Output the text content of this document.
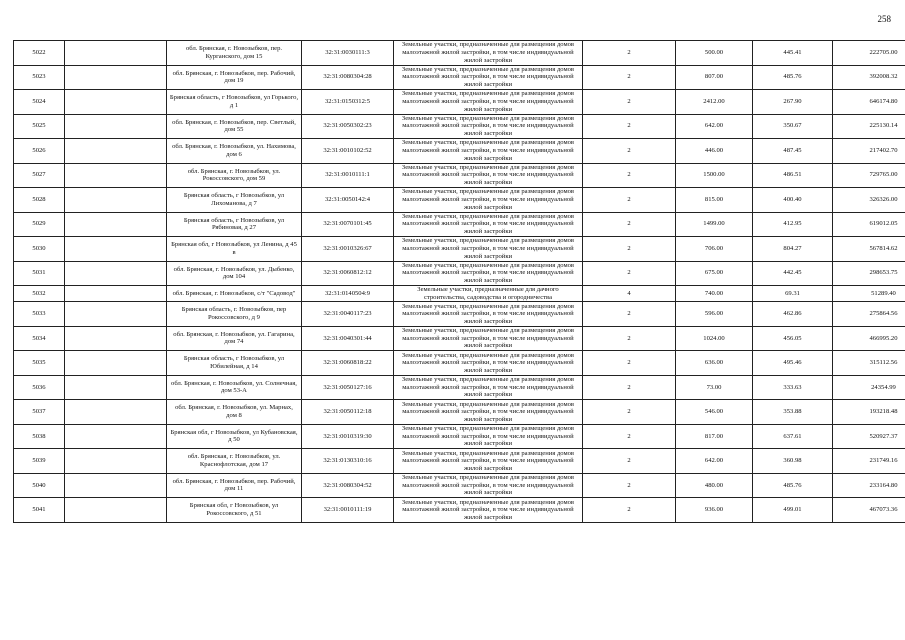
258
5022		обл. Брянская, г. Новозыбков, пер. Курганского, дом 15	32:31:0030111:3	Земельные участки, предназначенные для размещения домов малоэтажной жилой застройки, в том числе индивидуальной жилой застройки	2	500.00	445.41	222705.00
5023		обл. Брянская, г. Новозыбков, пер. Рабочий, дом 19	32:31:0080304:28	Земельные участки, предназначенные для размещения домов малоэтажной жилой застройки, в том числе индивидуальной жилой застройки	2	807.00	485.76	392008.32
5024		Брянская область, г Новозыбков, ул Горького, д 1	32:31:0150312:5	Земельные участки, предназначенные для размещения домов малоэтажной жилой застройки, в том числе индивидуальной жилой застройки	2	2412.00	267.90	646174.80
5025		обл. Брянская, г. Новозыбков, пер. Светлый, дом 55	32:31:0050302:23	Земельные участки, предназначенные для размещения домов малоэтажной жилой застройки, в том числе индивидуальной жилой застройки	2	642.00	350.67	225130.14
5026		обл. Брянская, г. Новозыбков, ул. Нахимова, дом 6	32:31:0010102:52	Земельные участки, предназначенные для размещения домов малоэтажной жилой застройки, в том числе индивидуальной жилой застройки	2	446.00	487.45	217402.70
5027		обл. Брянская, г. Новозыбков, ул. Рокоссовского, дом 59	32:31:0010111:1	Земельные участки, предназначенные для размещения домов малоэтажной жилой застройки, в том числе индивидуальной жилой застройки	2	1500.00	486.51	729765.00
5028		Брянская область, г Новозыбков, ул Лихоманова, д 7	32:31:0050142:4	Земельные участки, предназначенные для размещения домов малоэтажной жилой застройки, в том числе индивидуальной жилой застройки	2	815.00	400.40	326326.00
5029		Брянская область, г Новозыбков, ул Рябиновая, д 27	32:31:0070101:45	Земельные участки, предназначенные для размещения домов малоэтажной жилой застройки, в том числе индивидуальной жилой застройки	2	1499.00	412.95	619012.05
5030		Брянская обл, г Новозыбков, ул Ленина, д 45 в	32:31:0010326:67	Земельные участки, предназначенные для размещения домов малоэтажной жилой застройки, в том числе индивидуальной жилой застройки	2	706.00	804.27	567814.62
5031		обл. Брянская, г. Новозыбков, ул. Дыбенко, дом 104	32:31:0060812:12	Земельные участки, предназначенные для размещения домов малоэтажной жилой застройки, в том числе индивидуальной жилой застройки	2	675.00	442.45	298653.75
5032		обл. Брянская, г. Новозыбков, с/т "Садовод"	32:31:0140504:9	Земельные участки, предназначенные для дачного строительства, садоводства и огородничества	4	740.00	69.31	51289.40
5033		Брянская область, г. Новозыбков, пер Рокоссовского, д 9	32:31:0040117:23	Земельные участки, предназначенные для размещения домов малоэтажной жилой застройки, в том числе индивидуальной жилой застройки	2	596.00	462.86	275864.56
5034		обл. Брянская, г. Новозыбков, ул. Гагарина, дом 74	32:31:0040301:44	Земельные участки, предназначенные для размещения домов малоэтажной жилой застройки, в том числе индивидуальной жилой застройки	2	1024.00	456.05	466995.20
5035		Брянская область, г Новозыбков, ул Юбилейная, д 14	32:31:0060818:22	Земельные участки, предназначенные для размещения домов малоэтажной жилой застройки, в том числе индивидуальной жилой застройки	2	636.00	495.46	315112.56
5036		обл. Брянская, г. Новозыбков, ул. Солнечная, дом 53-А	32:31:0050127:16	Земельные участки, предназначенные для размещения домов малоэтажной жилой застройки, в том числе индивидуальной жилой застройки	2	73.00	333.63	24354.99
5037		обл. Брянская, г. Новозыбков, ул. Марнах, дом 8	32:31:0050112:18	Земельные участки, предназначенные для размещения домов малоэтажной жилой застройки, в том числе индивидуальной жилой застройки	2	546.00	353.88	193218.48
5038		Брянская обл, г Новозыбков, ул Кубановская, д 50	32:31:0010319:30	Земельные участки, предназначенные для размещения домов малоэтажной жилой застройки, в том числе индивидуальной жилой застройки	2	817.00	637.61	520927.37
5039		обл. Брянская, г. Новозыбков, ул. Краснофлотская, дом 17	32:31:0130310:16	Земельные участки, предназначенные для размещения домов малоэтажной жилой застройки, в том числе индивидуальной жилой застройки	2	642.00	360.98	231749.16
5040		обл. Брянская, г. Новозыбков, пер. Рабочий, дом 11	32:31:0080304:52	Земельные участки, предназначенные для размещения домов малоэтажной жилой застройки, в том числе индивидуальной жилой застройки	2	480.00	485.76	233164.80
5041		Брянская обл, г Новозыбков, ул Рокоссовского, д 51	32:31:0010111:19	Земельные участки, предназначенные для размещения домов малоэтажной жилой застройки, в том числе индивидуальной жилой застройки	2	936.00	499.01	467073.36
